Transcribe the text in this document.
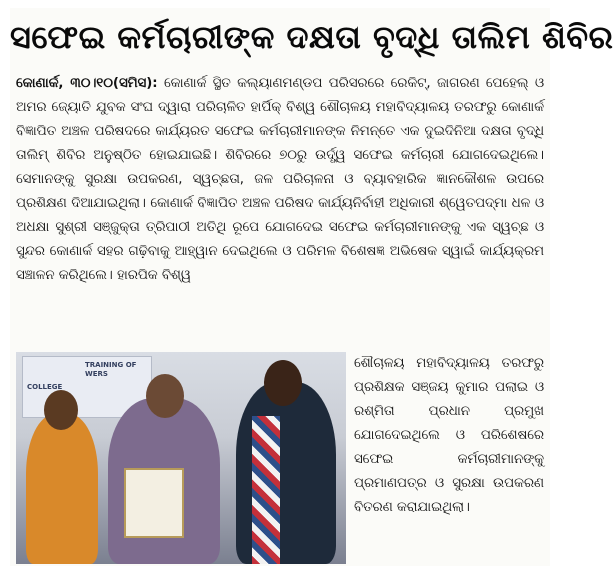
ସଫେଇ କର୍ମଚାରୀଙ୍କ ଦକ୍ଷତା ବୃଦ୍ଧି ତାଲିମ ଶିବିର

କୋଣାର୍କ, ୩୦।୧୦(ସମିସ): କୋଣାର୍କ ସ୍ଥିତ କଲ୍ୟାଣମଣ୍ଡପ ପରିସରରେ ରେକିଟ୍, ଜାଗରଣ ପେହେଲ୍ ଓ ଅମର ଜ୍ୟୋତି ଯୁବକ ସଂଘ ଦ୍ୱାରା ପରିଚାଳିତ ହାର୍ପିକ୍ ବିଶ୍ୱ ଶୌଚାଳୟ ମହାବିଦ୍ୟାଳୟ ତରଫରୁ କୋଣାର୍କ ବିଜ୍ଞାପିତ ଅଞ୍ଚଳ ପରିଷଦରେ କାର୍ଯ୍ୟରତ ସଫେଇ କର୍ମଚାରୀମାନଙ୍କ ନିମନ୍ତେ ଏକ ଦୁଇଦିନିଆ ଦକ୍ଷତା ବୃଦ୍ଧି ତାଲିମ୍ ଶିବିର ଅନୁଷ୍ଠିତ ହୋଇଯାଇଛି। ଶିବିରରେ ୭୦ରୁ ଉର୍ଦ୍ଧ୍ୱ ସଫେଇ କର୍ମଚାରୀ ଯୋଗଦେଇଥିଲେ। ସେମାନଙ୍କୁ ସୁରକ୍ଷା ଉପକରଣ, ସ୍ୱଚ୍ଛତା, ଜଳ ପରିଚାଳନା ଓ ବ୍ୟାବହାରିକ ଜ୍ଞାନକୌଶଳ ଉପରେ ପ୍ରଶିକ୍ଷଣ ଦିଆଯାଇଥିଲା। କୋଣାର୍କ ବିଜ୍ଞାପିତ ଅଞ୍ଚଳ ପରିଷଦ କାର୍ଯ୍ୟନିର୍ବାହୀ ଅଧିକାରୀ ଶ୍ୱେତପଦ୍ମା ଧଳ ଓ ଅଧକ୍ଷା ସୁଶ୍ରୀ ସଞ୍ଜୁକ୍ତା ତ୍ରିପାଠୀ ଅତିଥି ରୂପେ ଯୋଗଦେଇ ସଫେଇ କର୍ମଚାରୀମାନଙ୍କୁ ଏକ ସ୍ୱଚ୍ଛ ଓ ସୁନ୍ଦର କୋଣାର୍କ ସହର ଗଢ଼ିବାକୁ ଆହ୍ୱାନ ଦେଇଥିଲେ ଓ ପରିମଳ ବିଶେଷଜ୍ଞ ଅଭିଷେକ ସ୍ୱାଇଁ କାର୍ଯ୍ୟକ୍ରମ ସଞ୍ଚାଳନ କରିଥିଲେ। ହାରପିକ ବିଶ୍ୱ

COLLEGE
TRAINING OF WERS

ଶୌଚାଳୟ ମହାବିଦ୍ୟାଳୟ ତରଫରୁ ପ୍ରଶିକ୍ଷକ ସଞ୍ଜୟ କୁମାର ପଲାଇ ଓ ରଶ୍ମିତା ପ୍ରଧାନ ପ୍ରମୁଖ ଯୋଗଦେଇଥିଲେ ଓ ପରିଶେଷରେ ସଫେଇ କର୍ମଚାରୀମାନଙ୍କୁ ପ୍ରମାଣପତ୍ର ଓ ସୁରକ୍ଷା ଉପକରଣ ବିତରଣ କରାଯାଇଥିଲା।
